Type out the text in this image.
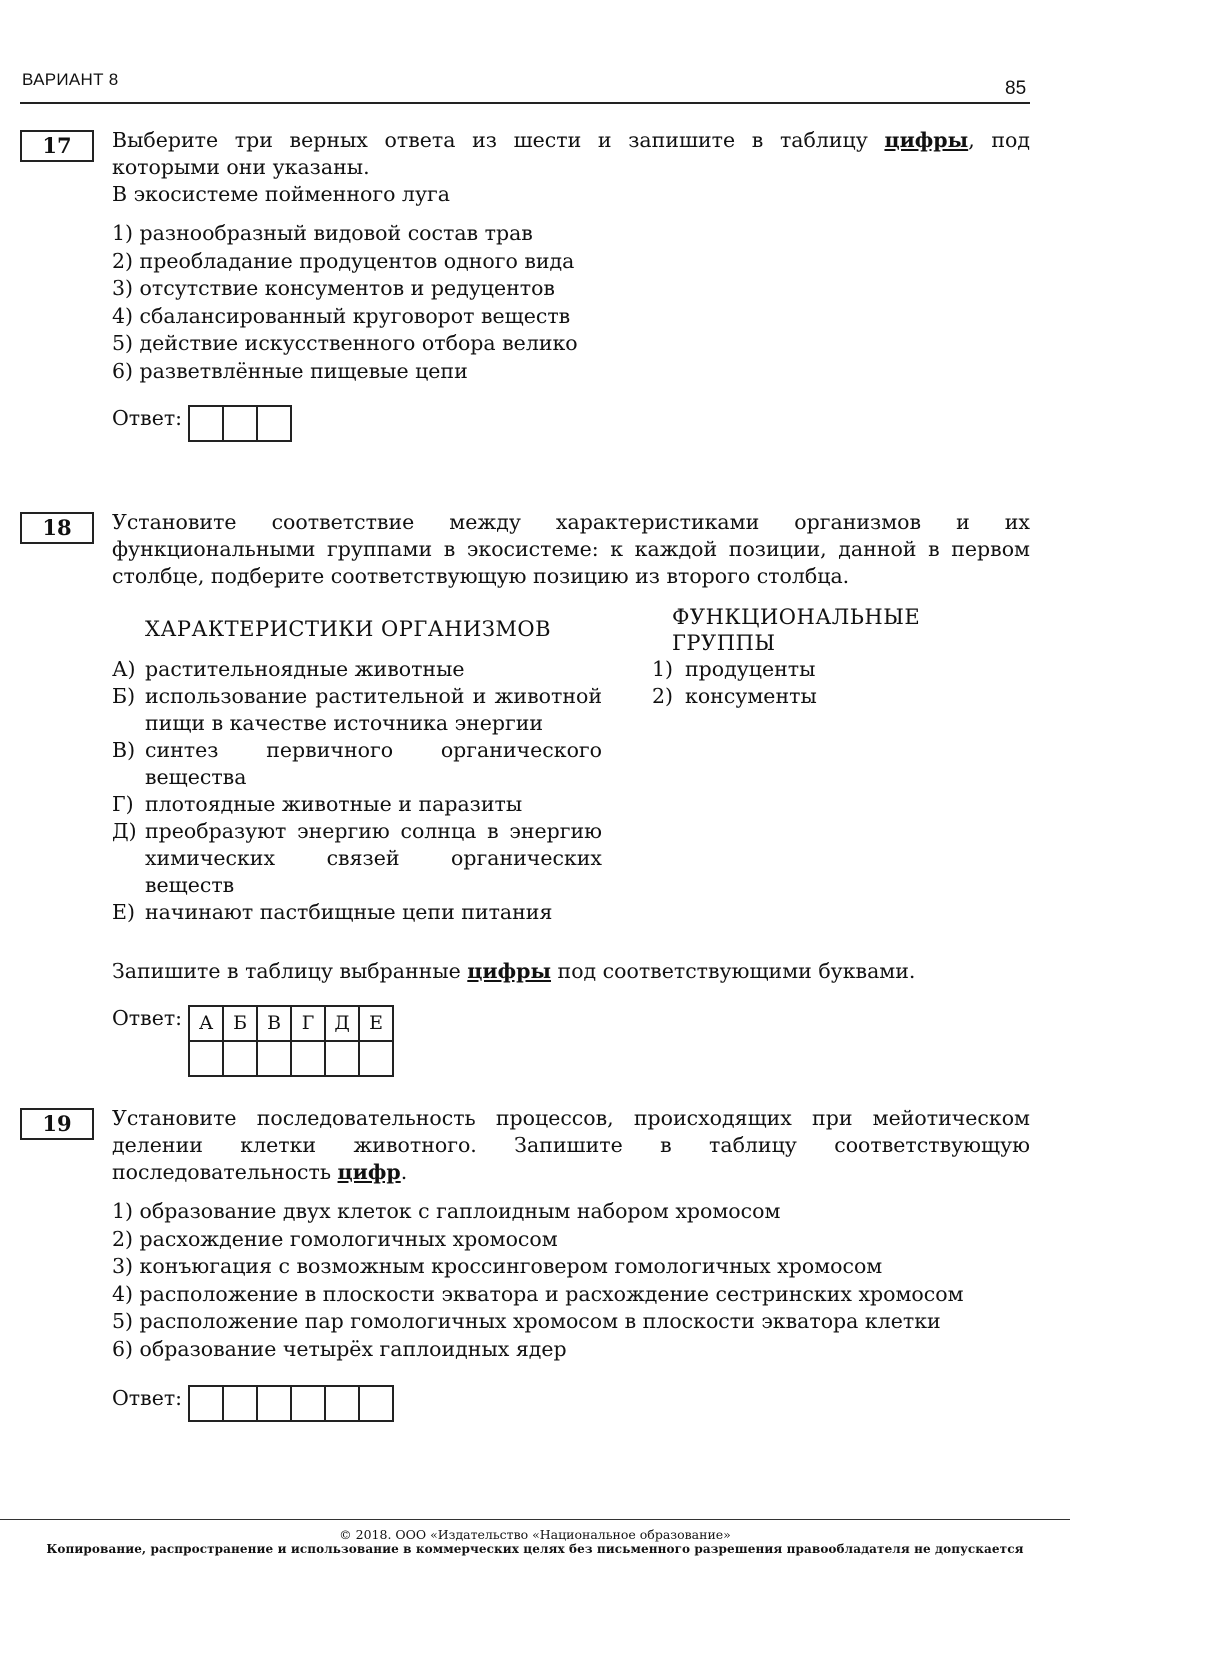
ВАРИАНТ 8	85
17	Выберите три верных ответа из шести и запишите в таблицу цифры, под которыми они указаны.

В экосистеме пойменного луга

1) разнообразный видовой состав трав
2) преобладание продуцентов одного вида
3) отсутствие консументов и редуцентов
4) сбалансированный круговорот веществ
5) действие искусственного отбора велико
6) разветвлённые пищевые цепи
Ответ:

18	Установите соответствие между характеристиками организмов и их функциональными группами в экосистеме: к каждой позиции, данной в первом столбце, подберите соответствующую позицию из второго столбца.

ХАРАКТЕРИСТИКИ ОРГАНИЗМОВ
А) растительноядные животные
Б) использование растительной и животной пищи в качестве источника энергии
В) синтез первичного органического вещества
Г) плотоядные животные и паразиты
Д) преобразуют энергию солнца в энергию химических связей органических веществ
Е) начинают пастбищные цепи питания
ФУНКЦИОНАЛЬНЫЕ ГРУППЫ
1) продуценты
2) консументы

Запишите в таблицу выбранные цифры под соответствующими буквами.

Ответ: А	Б	В	Г	Д	Е

19	Установите последовательность процессов, происходящих при мейотическом делении клетки животного. Запишите в таблицу соответствующую последовательность цифр.

1) образование двух клеток с гаплоидным набором хромосом
2) расхождение гомологичных хромосом
3) конъюгация с возможным кроссинговером гомологичных хромосом
4) расположение в плоскости экватора и расхождение сестринских хромосом
5) расположение пар гомологичных хромосом в плоскости экватора клетки
6) образование четырёх гаплоидных ядер
Ответ:

© 2018. ООО «Издательство «Национальное образование»
Копирование, распространение и использование в коммерческих целях без письменного разрешения правообладателя не допускается
